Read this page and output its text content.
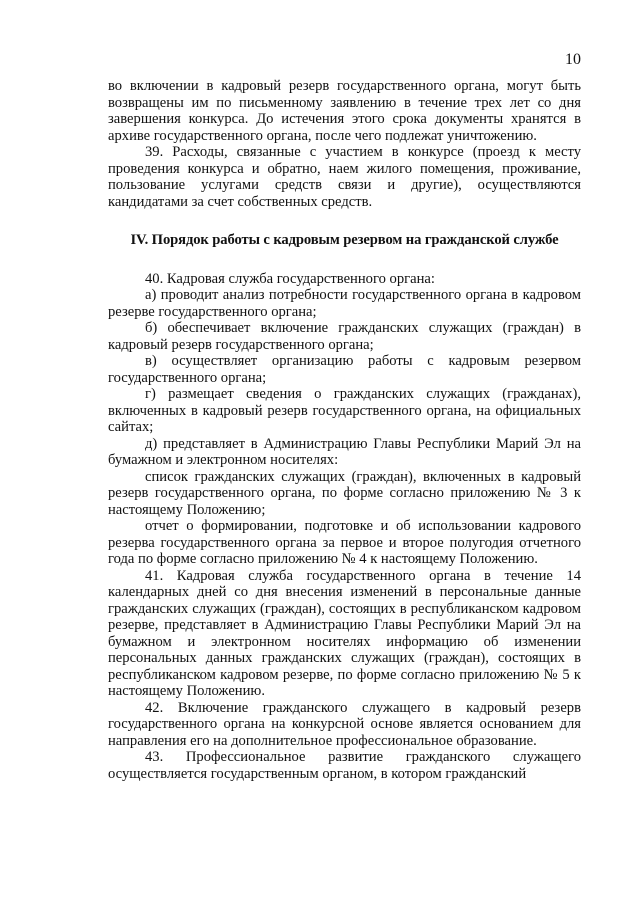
10

во включении в кадровый резерв государственного органа, могут быть возвращены им по письменному заявлению в течение трех лет со дня завершения конкурса. До истечения этого срока документы хранятся в архиве государственного органа, после чего подлежат уничтожению.

39. Расходы, связанные с участием в конкурсе (проезд к месту проведения конкурса и обратно, наем жилого помещения, проживание, пользование услугами средств связи и другие), осуществляются кандидатами за счет собственных средств.

IV. Порядок работы с кадровым резервом на гражданской службе

40. Кадровая служба государственного органа:

а) проводит анализ потребности государственного органа в кадровом резерве государственного органа;

б) обеспечивает включение гражданских служащих (граждан) в кадровый резерв государственного органа;

в) осуществляет организацию работы с кадровым резервом государственного органа;

г) размещает сведения о гражданских служащих (гражданах), включенных в кадровый резерв государственного органа, на официальных сайтах;

д) представляет в Администрацию Главы Республики Марий Эл на бумажном и электронном носителях:

список гражданских служащих (граждан), включенных в кадровый резерв государственного органа, по форме согласно приложению № 3 к настоящему Положению;

отчет о формировании, подготовке и об использовании кадрового резерва государственного органа за первое и второе полугодия отчетного года по форме согласно приложению № 4 к настоящему Положению.

41. Кадровая служба государственного органа в течение 14 календарных дней со дня внесения изменений в персональные данные гражданских служащих (граждан), состоящих в республиканском кадровом резерве, представляет в Администрацию Главы Республики Марий Эл на бумажном и электронном носителях информацию об изменении персональных данных гражданских служащих (граждан), состоящих в республиканском кадровом резерве, по форме согласно приложению № 5 к настоящему Положению.

42. Включение гражданского служащего в кадровый резерв государственного органа на конкурсной основе является основанием для направления его на дополнительное профессиональное образование.

43. Профессиональное развитие гражданского служащего осуществляется государственным органом, в котором гражданский
